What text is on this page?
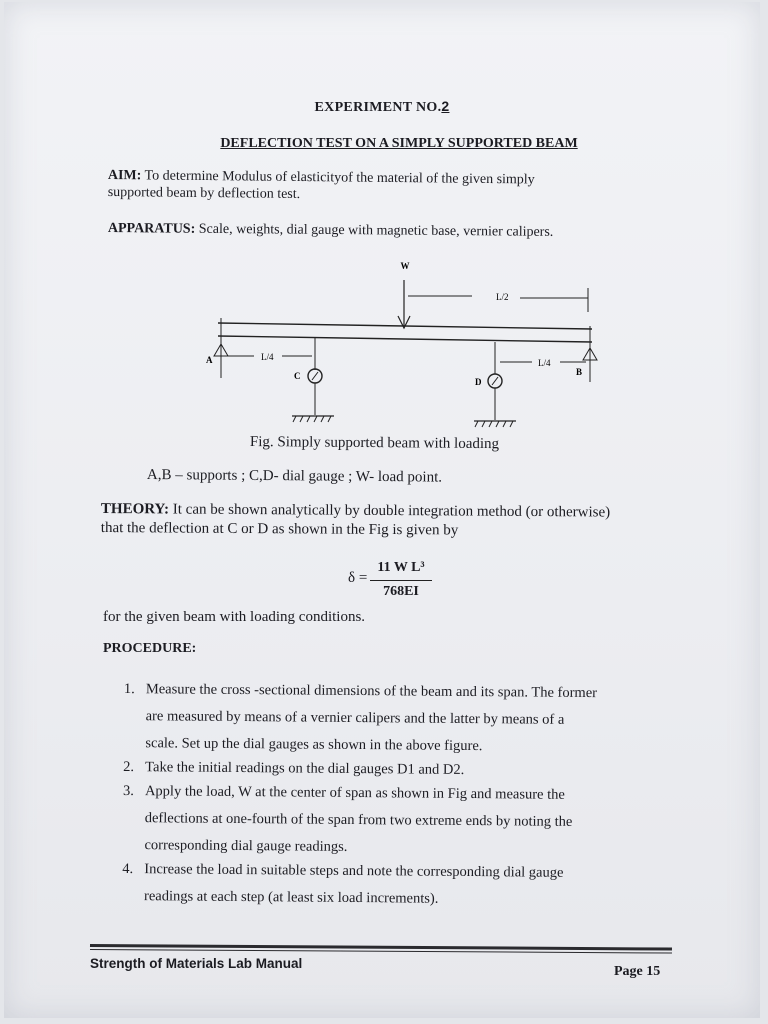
EXPERIMENT NO.2
DEFLECTION TEST ON A SIMPLY SUPPORTED BEAM
AIM: To determine Modulus of elasticityof the material of the given simply
supported beam by deflection test.
APPARATUS: Scale, weights, dial gauge with magnetic base, vernier calipers.
W
L/2
A	L/4
C
D
L/4
B
Fig. Simply supported beam with loading
A,B – supports ; C,D- dial gauge ; W- load point.
THEORY: It can be shown analytically by double integration method (or otherwise)
that the deflection at C or D as shown in the Fig is given by
δ =
11 W L³
768EI
for the given beam with loading conditions.
PROCEDURE:
1. Measure the cross -sectional dimensions of the beam and its span. The former
are measured by means of a vernier calipers and the latter by means of a
scale. Set up the dial gauges as shown in the above figure.
2. Take the initial readings on the dial gauges D1 and D2.
3. Apply the load, W at the center of span as shown in Fig and measure the
deflections at one-fourth of the span from two extreme ends by noting the
corresponding dial gauge readings.
4. Increase the load in suitable steps and note the corresponding dial gauge
readings at each step (at least six load increments).
Strength of Materials Lab Manual
Page 15
